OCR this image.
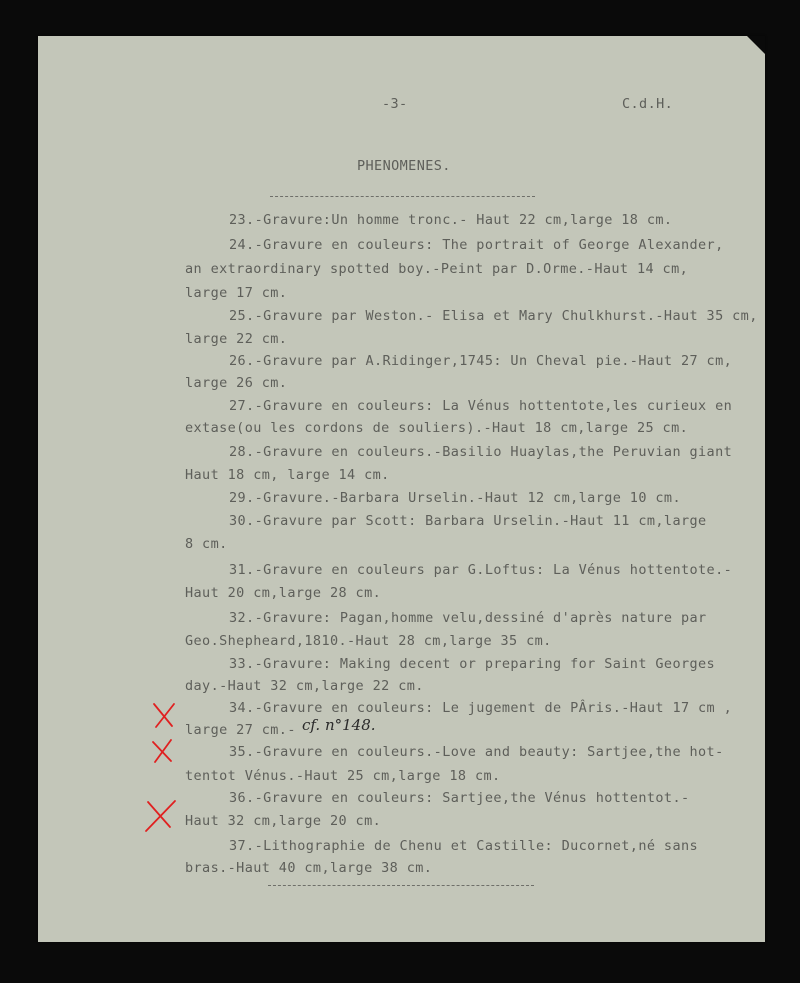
-3-	C.d.H.
PHENOMENES.
23.-Gravure:Un homme tronc.- Haut 22 cm,large 18 cm.
24.-Gravure en couleurs: The portrait of George Alexander,
an extraordinary spotted boy.-Peint par D.Orme.-Haut 14 cm,
large 17 cm.
25.-Gravure par Weston.- Elisa et Mary Chulkhurst.-Haut 35 cm,
large 22 cm.
26.-Gravure par A.Ridinger,1745: Un Cheval pie.-Haut 27 cm,
large 26 cm.
27.-Gravure en couleurs: La Vénus hottentote,les curieux en
extase(ou les cordons de souliers).-Haut 18 cm,large 25 cm.
28.-Gravure en couleurs.-Basilio Huaylas,the Peruvian giant
Haut 18 cm, large 14 cm.
29.-Gravure.-Barbara Urselin.-Haut 12 cm,large 10 cm.
30.-Gravure par Scott: Barbara Urselin.-Haut 11 cm,large
8 cm.
31.-Gravure en couleurs par G.Loftus: La Vénus hottentote.-
Haut 20 cm,large 28 cm.
32.-Gravure: Pagan,homme velu,dessiné d'après nature par
Geo.Shepheard,1810.-Haut 28 cm,large 35 cm.
33.-Gravure: Making decent or preparing for Saint Georges
day.-Haut 32 cm,large 22 cm.
34.-Gravure en couleurs: Le jugement de PÂris.-Haut 17 cm ,
large 27 cm.- cf. n°148.
35.-Gravure en couleurs.-Love and beauty: Sartjee,the hot-
tentot Vénus.-Haut 25 cm,large 18 cm.
36.-Gravure en couleurs: Sartjee,the Vénus hottentot.-
Haut 32 cm,large 20 cm.
37.-Lithographie de Chenu et Castille: Ducornet,né sans
bras.-Haut 40 cm,large 38 cm.
